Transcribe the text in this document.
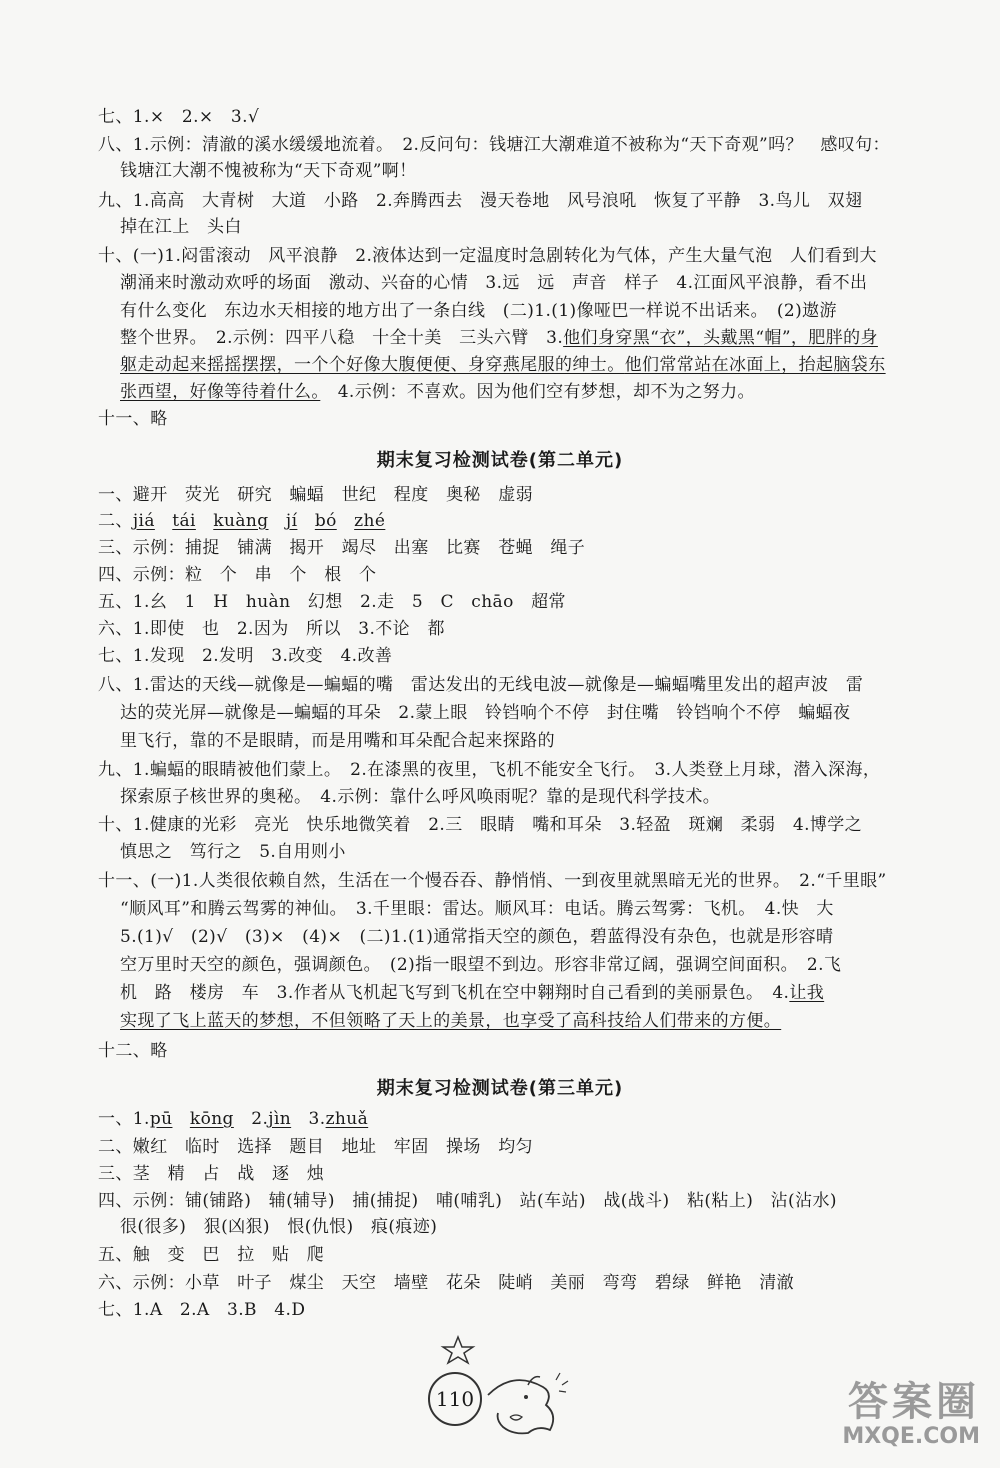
七、1.×　2.×　3.√
八、1.示例：清澈的溪水缓缓地流着。　2.反问句：钱塘江大潮难道不被称为“天下奇观”吗？　感叹句：
钱塘江大潮不愧被称为“天下奇观”啊！
九、1.高高　大青树　大道　小路　2.奔腾西去　漫天卷地　风号浪吼　恢复了平静　3.鸟儿　双翅
掉在江上　头白
十、(一)1.闷雷滚动　风平浪静　2.液体达到一定温度时急剧转化为气体，产生大量气泡　人们看到大
潮涌来时激动欢呼的场面　激动、兴奋的心情　3.远　远　声音　样子　4.江面风平浪静，看不出
有什么变化　东边水天相接的地方出了一条白线　(二)1.(1)像哑巴一样说不出话来。　(2)遨游
整个世界。　2.示例：四平八稳　十全十美　三头六臂　3.他们身穿黑“衣”，头戴黑“帽”，肥胖的身
躯走动起来摇摇摆摆，一个个好像大腹便便、身穿燕尾服的绅士。他们常常站在冰面上，抬起脑袋东
张西望，好像等待着什么。　4.示例：不喜欢。因为他们空有梦想，却不为之努力。
十一、略
期末复习检测试卷(第二单元)
一、避开　荧光　研究　蝙蝠　世纪　程度　奥秘　虚弱
二、jiá　 tái　 kuàng　 jí　 bó　 zhé
三、示例：捕捉　铺满　揭开　竭尽　出塞　比赛　苍蝇　绳子
四、示例：粒　个　串　个　根　个
五、1.幺　1　H　huàn　幻想　2.走　5　C　chāo　超常
六、1.即使　也　2.因为　所以　3.不论　都
七、1.发现　2.发明　3.改变　4.改善
八、1.雷达的天线—就像是—蝙蝠的嘴　雷达发出的无线电波—就像是—蝙蝠嘴里发出的超声波　雷
达的荧光屏—就像是—蝙蝠的耳朵　2.蒙上眼　铃铛响个不停　封住嘴　铃铛响个不停　蝙蝠夜
里飞行，靠的不是眼睛，而是用嘴和耳朵配合起来探路的
九、1.蝙蝠的眼睛被他们蒙上。　2.在漆黑的夜里，飞机不能安全飞行。　3.人类登上月球，潜入深海，
探索原子核世界的奥秘。　4.示例：靠什么呼风唤雨呢？靠的是现代科学技术。
十、1.健康的光彩　亮光　快乐地微笑着　2.三　眼睛　嘴和耳朵　3.轻盈　斑斓　柔弱　4.博学之
慎思之　笃行之　5.自用则小
十一、(一)1.人类很依赖自然，生活在一个慢吞吞、静悄悄、一到夜里就黑暗无光的世界。　2.“千里眼”
“顺风耳”和腾云驾雾的神仙。　3.千里眼：雷达。顺风耳：电话。腾云驾雾：飞机。　4.快　大
5.(1)√　(2)√　(3)×　(4)×　(二)1.(1)通常指天空的颜色，碧蓝得没有杂色，也就是形容晴
空万里时天空的颜色，强调颜色。　(2)指一眼望不到边。形容非常辽阔，强调空间面积。　2.飞
机　路　楼房　车　3.作者从飞机起飞写到飞机在空中翱翔时自己看到的美丽景色。　4.让我
实现了飞上蓝天的梦想，不但领略了天上的美景，也享受了高科技给人们带来的方便。
十二、略
期末复习检测试卷(第三单元)
一、1.pū　 kōng　 2.jìn　 3.zhuǎ
二、嫩红　临时　选择　题目　地址　牢固　操场　均匀
三、茎　精　占　战　逐　烛
四、示例：铺(铺路)　辅(辅导)　捕(捕捉)　哺(哺乳)　站(车站)　战(战斗)　粘(粘上)　沾(沾水)
很(很多)　狠(凶狠)　恨(仇恨)　痕(痕迹)
五、触　变　巴　拉　贴　爬
六、示例：小草　叶子　煤尘　天空　墙壁　花朵　陡峭　美丽　弯弯　碧绿　鲜艳　清澈
七、1.A　2.A　3.B　4.D
110	答案圈
MXQE.COM
